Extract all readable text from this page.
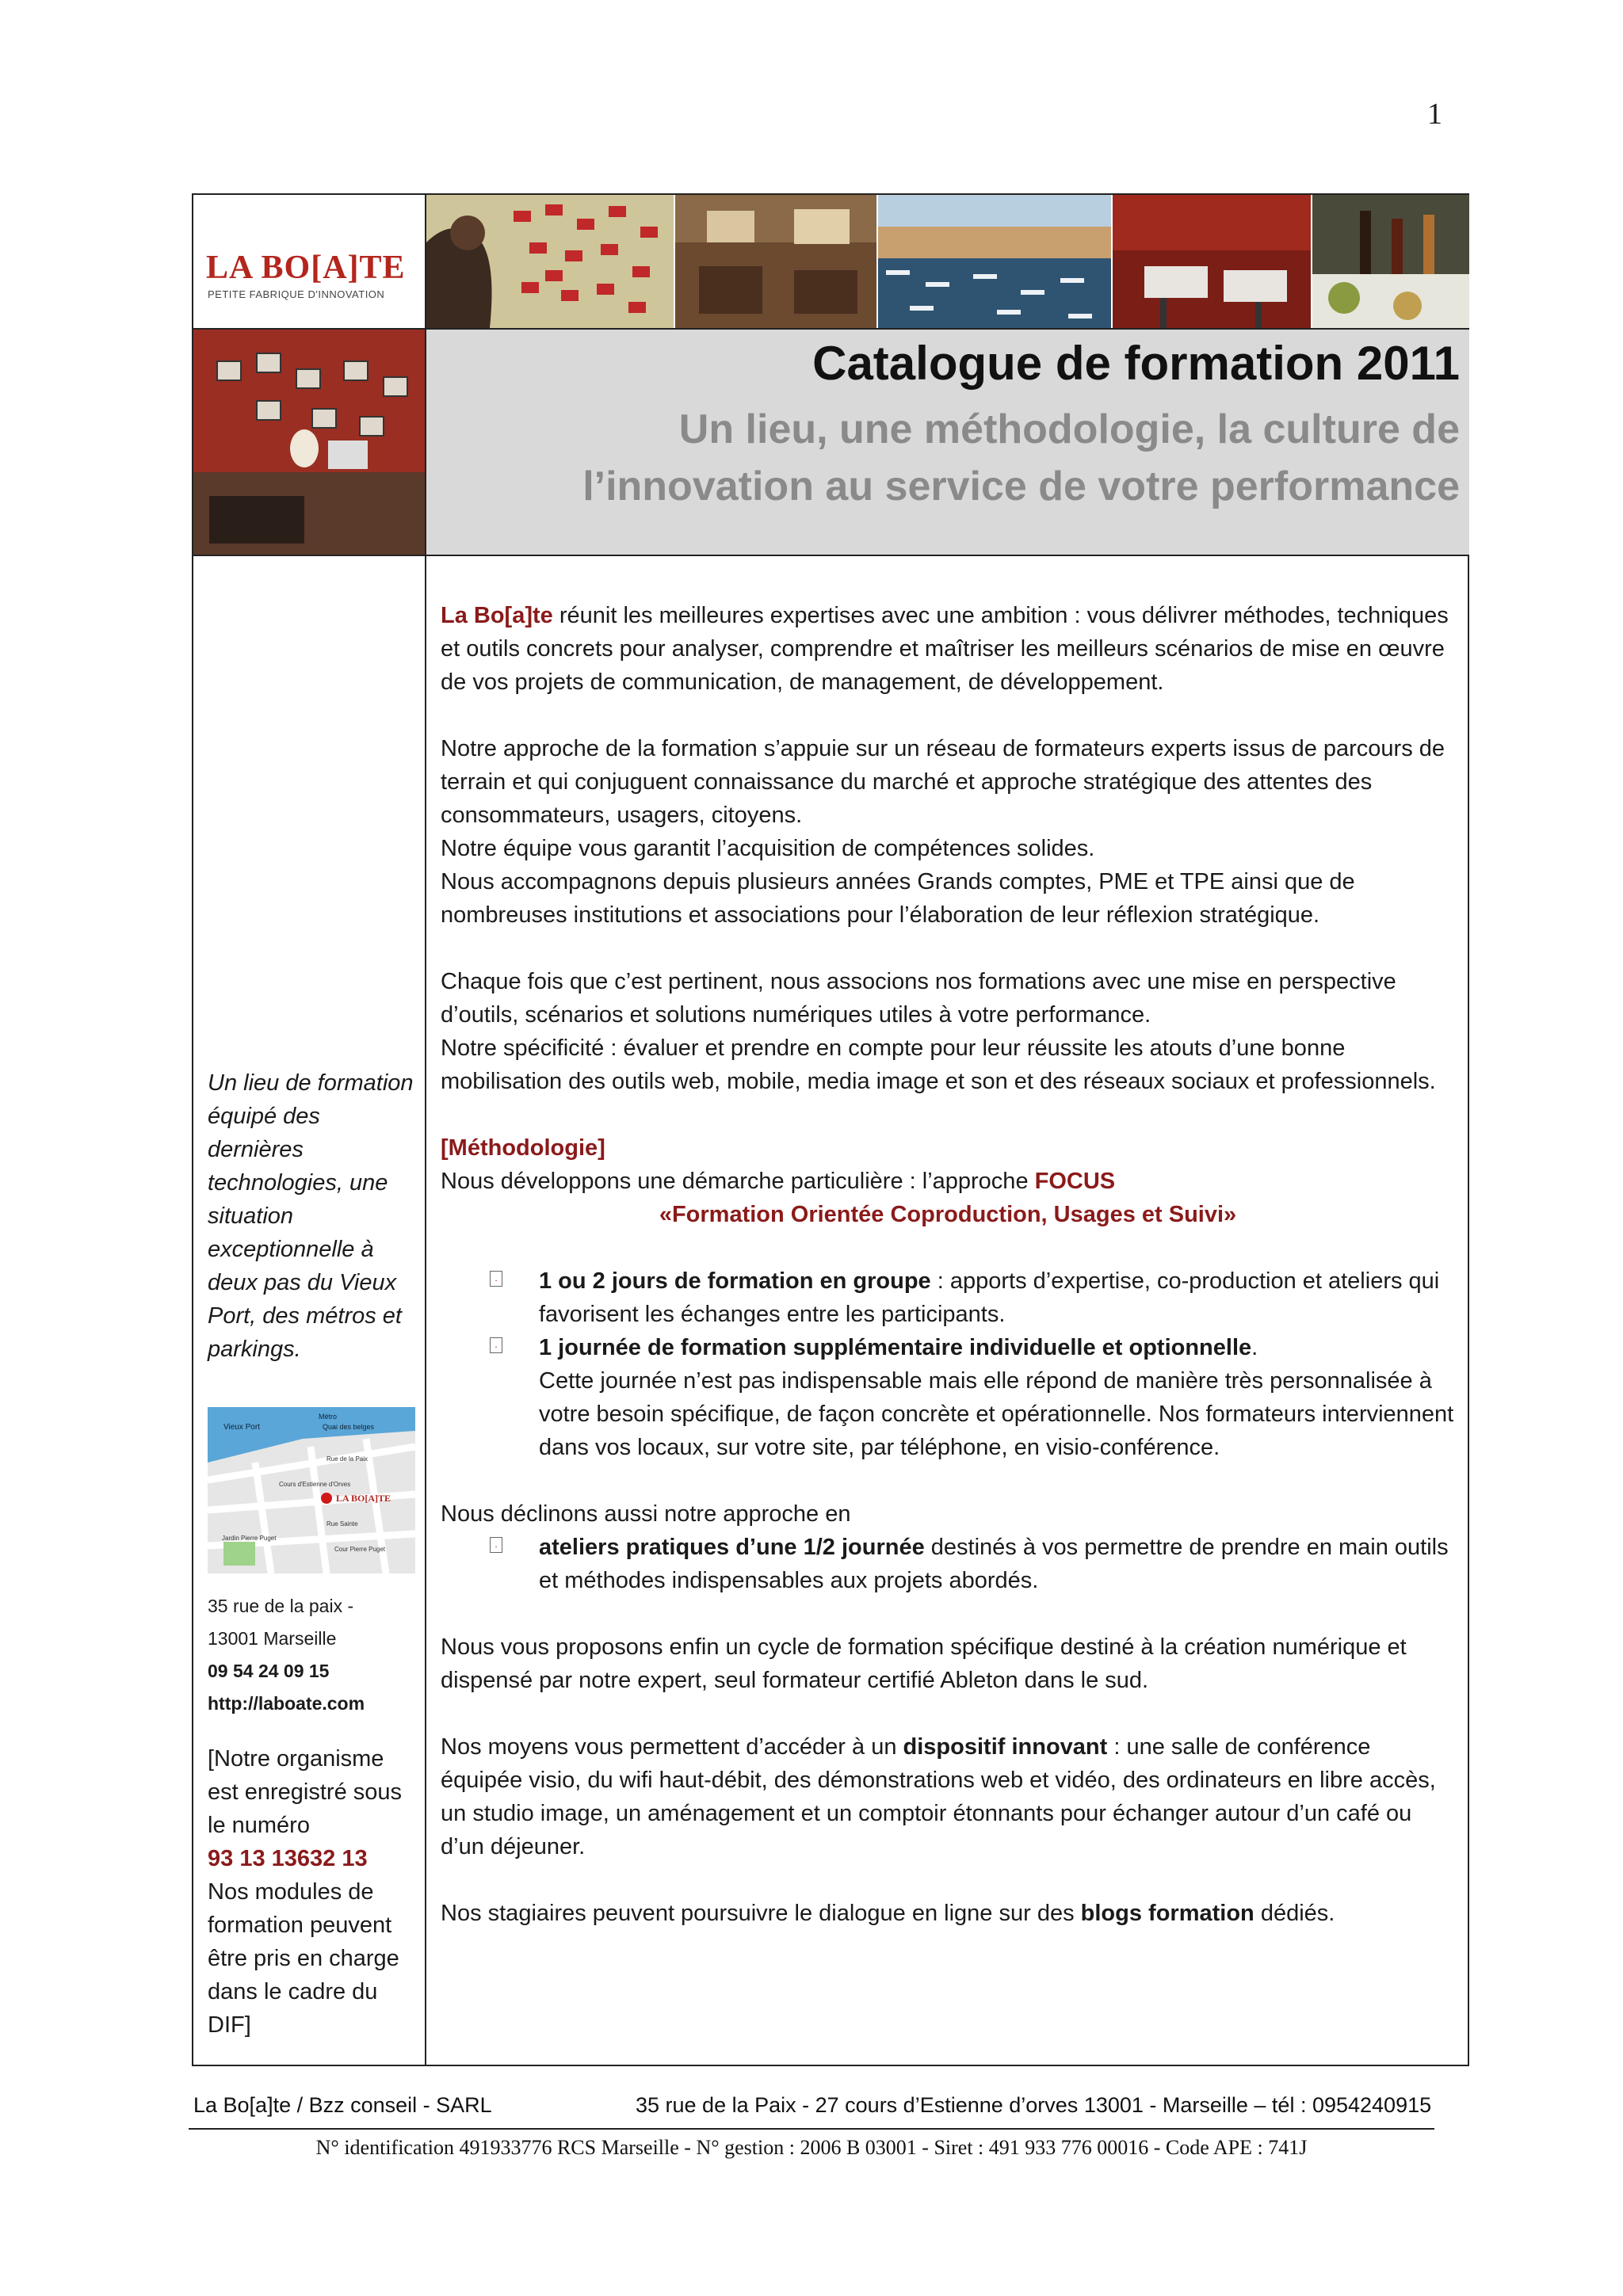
1
LA BO[A]TE
PETITE FABRIQUE D'INNOVATION
Catalogue de formation 2011
Un lieu, une méthodologie, la culture de
l’innovation au service de votre performance
Un lieu de formation équipé des dernières technologies, une situation exceptionnelle à deux pas du Vieux Port, des métros et parkings.
Vieux Port
Métro
Quai des belges
LA BO[A]TE
Rue de la Paix
Cours d'Estienne d'Orves
Rue Sainte
Jardin Pierre Puget
Cour Pierre Puget
35 rue de la paix -
13001 Marseille
09 54 24 09 15
http://laboate.com
[Notre organisme est enregistré sous le numéro
93 13 13632 13
Nos modules de formation peuvent être pris en charge dans le cadre du DIF]

La Bo[a]te réunit les meilleures expertises avec une ambition : vous délivrer méthodes, techniques et outils concrets pour analyser, comprendre et maîtriser les meilleurs scénarios de mise en œuvre de vos projets de communication, de management, de développement.

Notre approche de la formation s’appuie sur un réseau de formateurs experts issus de parcours de terrain et qui conjuguent connaissance du marché et approche stratégique des attentes des consommateurs, usagers, citoyens.

Notre équipe vous garantit l’acquisition de compétences solides.

Nous accompagnons depuis plusieurs années Grands comptes, PME et TPE ainsi que de nombreuses institutions et associations pour l’élaboration de leur réflexion stratégique.

Chaque fois que c’est pertinent, nous associons nos formations avec une mise en perspective d’outils, scénarios et solutions numériques utiles à votre performance.

Notre spécificité : évaluer et prendre en compte pour leur réussite les atouts d’une bonne mobilisation des outils web, mobile, media image et son et des réseaux sociaux et professionnels.

[Méthodologie]

Nous développons une démarche particulière : l’approche FOCUS

«Formation Orientée Coproduction, Usages et Suivi»

. 1 ou 2 jours de formation en groupe : apports d’expertise, co-production et ateliers qui favorisent les échanges entre les participants.
. 1 journée de formation supplémentaire individuelle et optionnelle.
Cette journée n’est pas indispensable mais elle répond de manière très personnalisée à votre besoin spécifique, de façon concrète et opérationnelle. Nos formateurs interviennent dans vos locaux, sur votre site, par téléphone, en visio-conférence.

Nous déclinons aussi notre approche en

. ateliers pratiques d’une 1/2 journée destinés à vos permettre de prendre en main outils et méthodes indispensables aux projets abordés.

Nous vous proposons enfin un cycle de formation spécifique destiné à la création numérique et dispensé par notre expert, seul formateur certifié Ableton dans le sud.

Nos moyens vous permettent d’accéder à un dispositif innovant : une salle de conférence équipée visio, du wifi haut-débit, des démonstrations web et vidéo, des ordinateurs en libre accès, un studio image, un aménagement et un comptoir étonnants pour échanger autour d’un café ou d’un déjeuner.

Nos stagiaires peuvent poursuivre le dialogue en ligne sur des blogs formation dédiés.

La Bo[a]te / Bzz conseil - SARL	35 rue de la Paix - 27 cours d’Estienne d’orves 13001 - Marseille – tél : 0954240915
N° identification 491933776 RCS Marseille - N° gestion : 2006 B 03001 - Siret : 491 933 776 00016 - Code APE : 741J
